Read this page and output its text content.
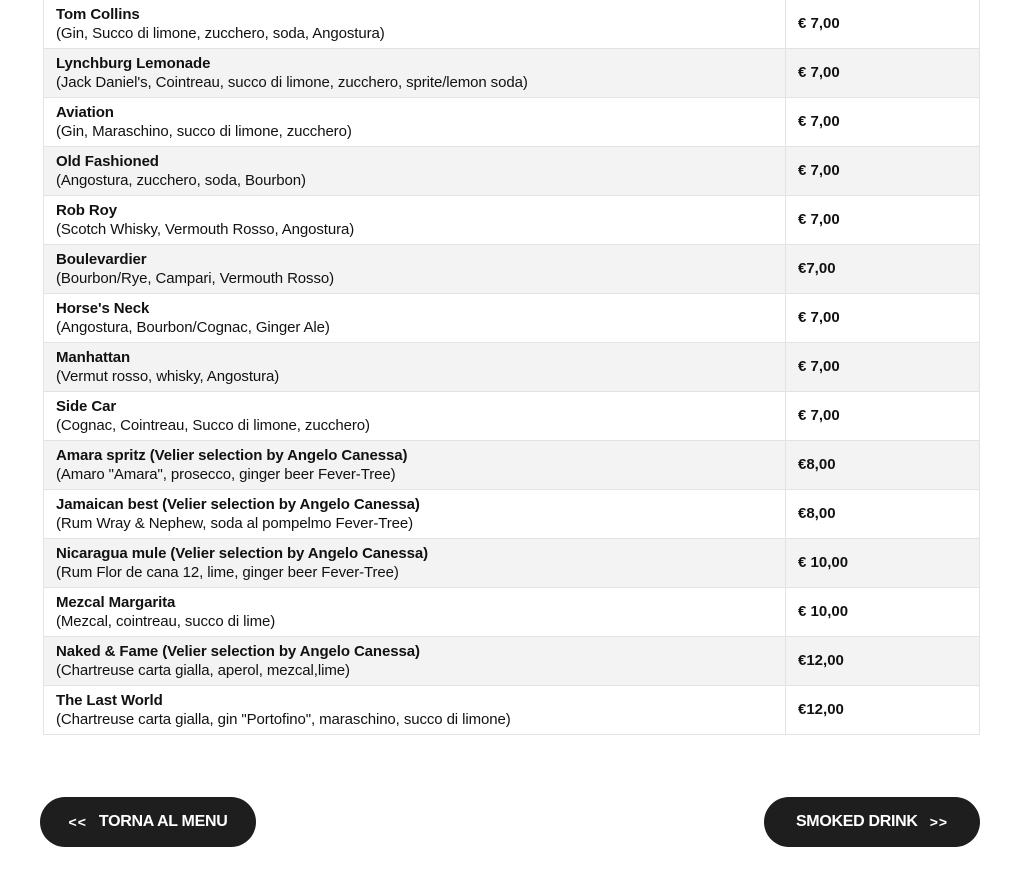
Tom Collins
(Gin, Succo di limone, zucchero, soda, Angostura)	€ 7,00

Lynchburg Lemonade
(Jack Daniel's, Cointreau, succo di limone, zucchero, sprite/lemon soda)	€ 7,00

Aviation
(Gin, Maraschino, succo di limone, zucchero)	€ 7,00

Old Fashioned
(Angostura, zucchero, soda, Bourbon)	€ 7,00

Rob Roy
(Scotch Whisky, Vermouth Rosso, Angostura)	€ 7,00

Boulevardier
(Bourbon/Rye, Campari, Vermouth Rosso)	€7,00

Horse's Neck
(Angostura, Bourbon/Cognac, Ginger Ale)	€ 7,00

Manhattan
(Vermut rosso, whisky, Angostura)	€ 7,00

Side Car
(Cognac, Cointreau, Succo di limone, zucchero)	€ 7,00

Amara spritz (Velier selection by Angelo Canessa)
(Amaro "Amara", prosecco, ginger beer Fever-Tree)	€8,00

Jamaican best (Velier selection by Angelo Canessa)
(Rum Wray & Nephew, soda al pompelmo Fever-Tree)	€8,00

Nicaragua mule (Velier selection by Angelo Canessa)
(Rum Flor de cana 12, lime, ginger beer Fever-Tree)	€ 10,00

Mezcal Margarita
(Mezcal, cointreau, succo di lime)	€ 10,00

Naked & Fame (Velier selection by Angelo Canessa)
(Chartreuse carta gialla, aperol, mezcal,lime)	€12,00

The Last World
(Chartreuse carta gialla, gin "Portofino", maraschino, succo di limone)	€12,00
<< TORNA AL MENU	SMOKED DRINK >>
